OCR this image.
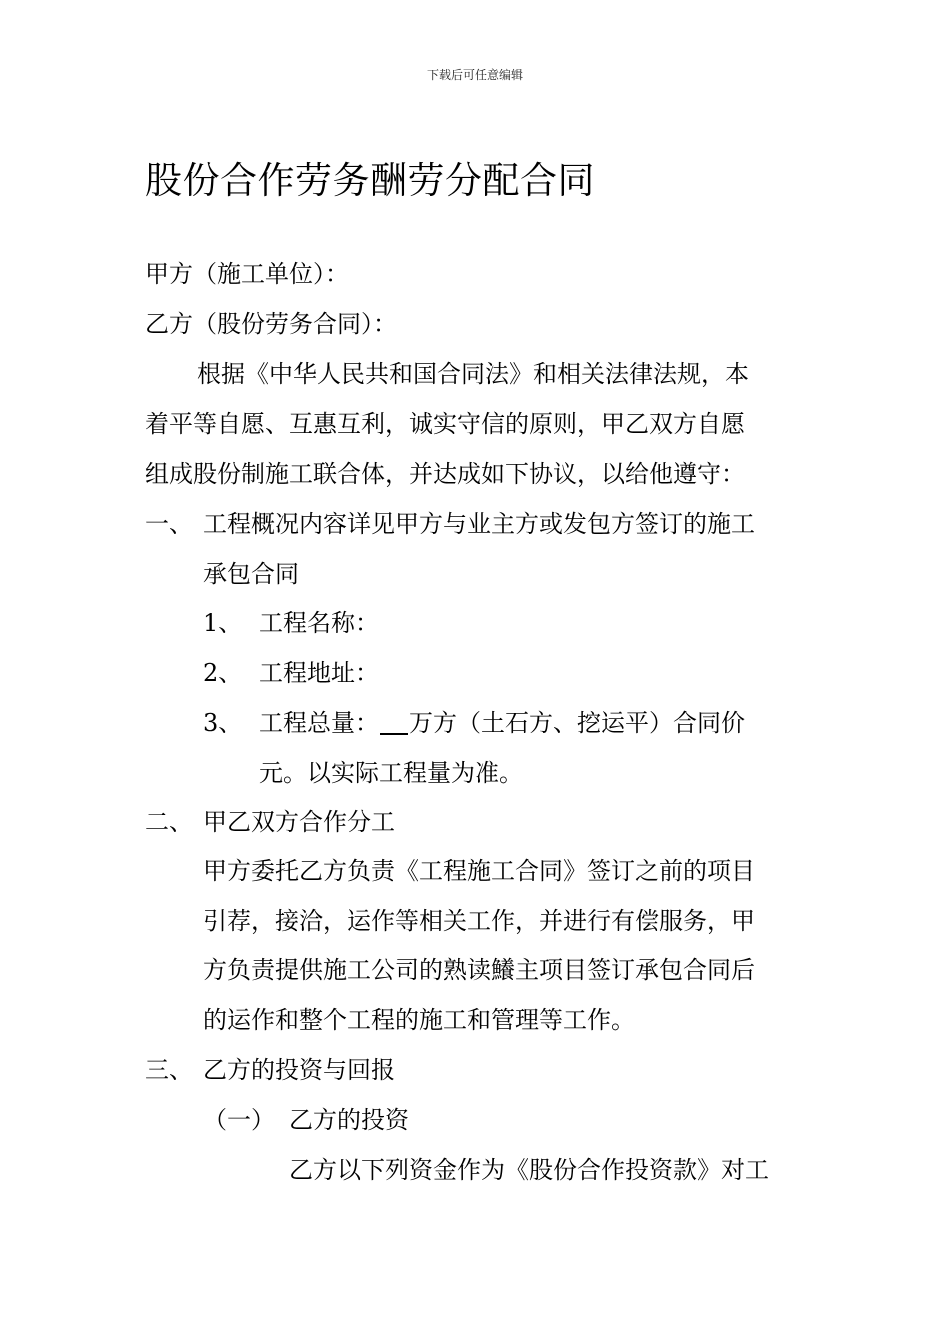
下载后可任意编辑
股份合作劳务酬劳分配合同
甲方（施工单位）：
乙方（股份劳务合同）：
根据《中华人民共和国合同法》和相关法律法规，本
着平等自愿、互惠互利，诚实守信的原则，甲乙双方自愿
组成股份制施工联合体，并达成如下协议，以给他遵守：
一、 工程概况内容详见甲方与业主方或发包方签订的施工
承包合同
1、 工程名称：
2、 工程地址：
3、 工程总量： 万方（土石方、挖运平）合同价
元。以实际工程量为准。
二、 甲乙双方合作分工
甲方委托乙方负责《工程施工合同》签订之前的项目
引荐，接洽，运作等相关工作，并进行有偿服务，甲
方负责提供施工公司的熟读鱶主项目签订承包合同后
的运作和整个工程的施工和管理等工作。
三、 乙方的投资与回报
（一） 乙方的投资
乙方以下列资金作为《股份合作投资款》对工
